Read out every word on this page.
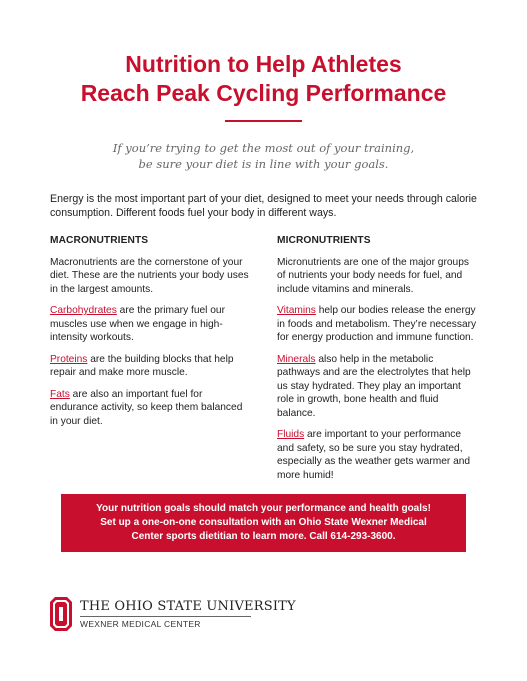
Nutrition to Help Athletes
Reach Peak Cycling Performance
If you’re trying to get the most out of your training,
be sure your diet is in line with your goals.
Energy is the most important part of your diet, designed to meet your needs through calorie consumption. Different foods fuel your body in different ways.
MACRONUTRIENTS

Macronutrients are the cornerstone of your diet. These are the nutrients your body uses in the largest amounts.

Carbohydrates are the primary fuel our muscles use when we engage in high-intensity workouts.

Proteins are the building blocks that help repair and make more muscle.

Fats are also an important fuel for endurance activity, so keep them balanced in your diet.

MICRONUTRIENTS

Micronutrients are one of the major groups of nutrients your body needs for fuel, and include vitamins and minerals.

Vitamins help our bodies release the energy in foods and metabolism. They’re necessary for energy production and immune function.

Minerals also help in the metabolic pathways and are the electrolytes that help us stay hydrated. They play an important role in growth, bone health and fluid balance.

Fluids are important to your performance and safety, so be sure you stay hydrated, especially as the weather gets warmer and more humid!

Your nutrition goals should match your performance and health goals! Set up a one-on-one consultation with an Ohio State Wexner Medical Center sports dietitian to learn more. Call 614-293-3600.
THE OHIO STATE UNIVERSITY
WEXNER MEDICAL CENTER
